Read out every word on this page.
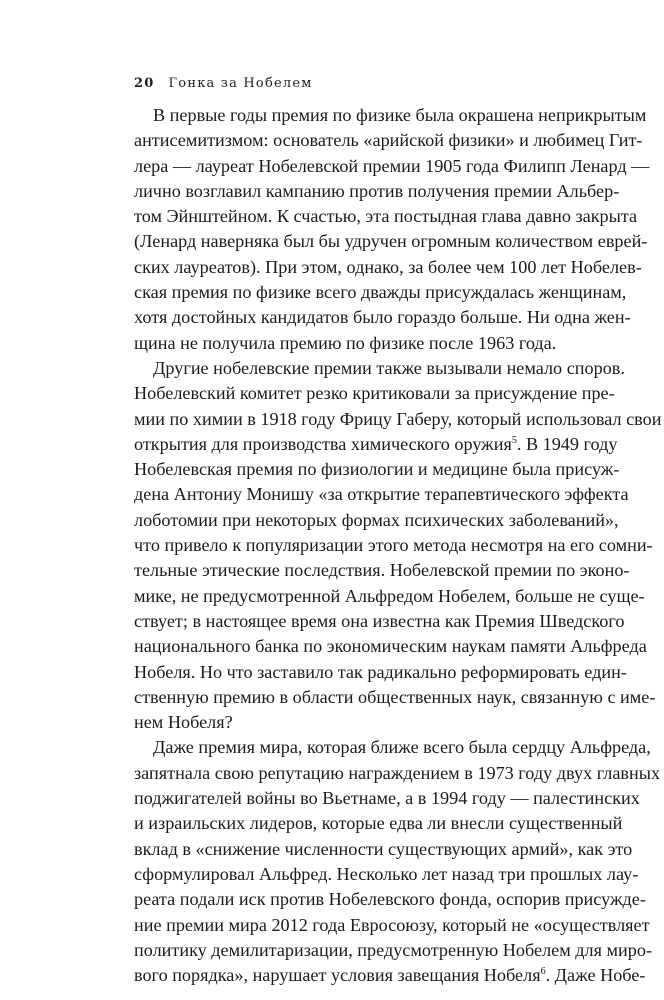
20 Гонка за Нобелем
В первые годы премия по физике была окрашена неприкрытым
антисемитизмом: основатель «арийской физики» и любимец Гит-
лера — лауреат Нобелевской премии 1905 года Филипп Ленард —
лично возглавил кампанию против получения премии Альбер-
том Эйнштейном. К счастью, эта постыдная глава давно закрыта
(Ленард наверняка был бы удручен огромным количеством еврей-
ских лауреатов). При этом, однако, за более чем 100 лет Нобелев-
ская премия по физике всего дважды присуждалась женщинам,
хотя достойных кандидатов было гораздо больше. Ни одна жен-
щина не получила премию по физике после 1963 года.
Другие нобелевские премии также вызывали немало споров.
Нобелевский комитет резко критиковали за присуждение пре-
мии по химии в 1918 году Фрицу Габеру, который использовал свои
открытия для производства химического оружия$^5$. В 1949 году
Нобелевская премия по физиологии и медицине была присуж-
дена Антониу Монишу «за открытие терапевтического эффекта
лоботомии при некоторых формах психических заболеваний»,
что привело к популяризации этого метода несмотря на его сомни-
тельные этические последствия. Нобелевской премии по эконо-
мике, не предусмотренной Альфредом Нобелем, больше не суще-
ствует; в настоящее время она известна как Премия Шведского
национального банка по экономическим наукам памяти Альфреда
Нобеля. Но что заставило так радикально реформировать един-
ственную премию в области общественных наук, связанную с име-
нем Нобеля?
Даже премия мира, которая ближе всего была сердцу Альфреда,
запятнала свою репутацию награждением в 1973 году двух главных
поджигателей войны во Вьетнаме, а в 1994 году — палестинских
и израильских лидеров, которые едва ли внесли существенный
вклад в «снижение численности существующих армий», как это
сформулировал Альфред. Несколько лет назад три прошлых лау-
реата подали иск против Нобелевского фонда, оспорив присужде-
ние премии мира 2012 года Евросоюзу, который не «осуществляет
политику демилитаризации, предусмотренную Нобелем для миро-
вого порядка», нарушает условия завещания Нобеля$^6$. Даже Нобе-
